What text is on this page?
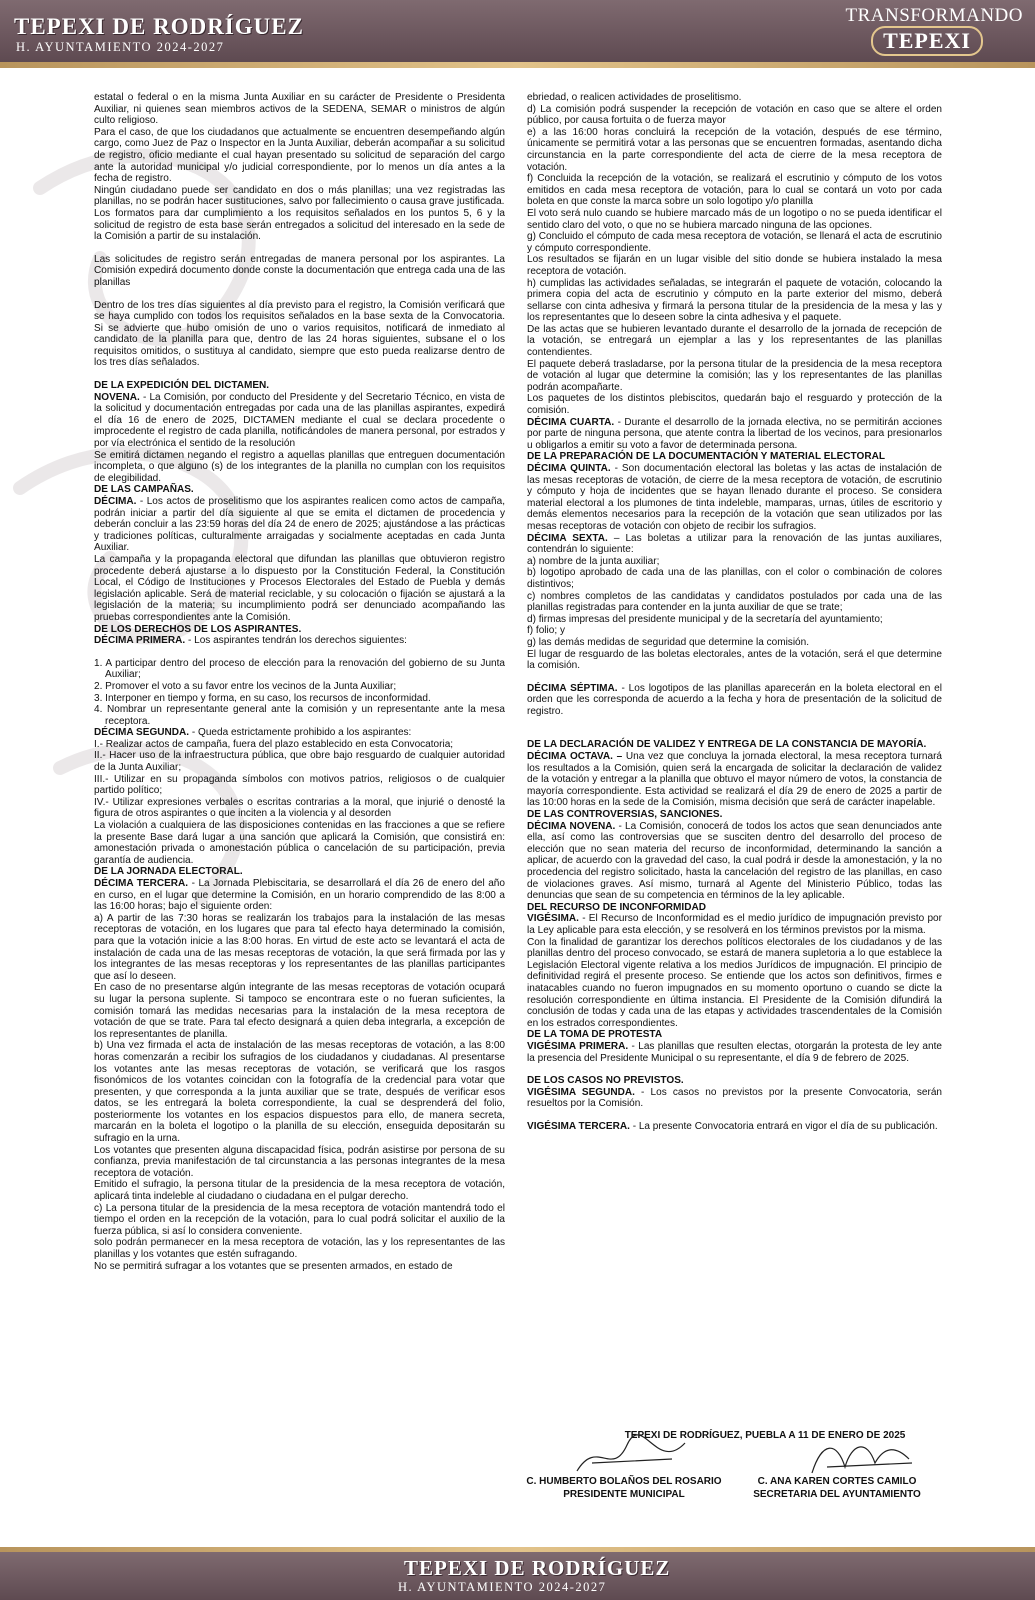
TEPEXI DE RODRÍGUEZ
H. AYUNTAMIENTO 2024-2027
TRANSFORMANDO
TEPEXI

estatal o federal o en la misma Junta Auxiliar en su carácter de Presidente o Presidenta Auxiliar, ni quienes sean miembros activos de la SEDENA, SEMAR o ministros de algún culto religioso.

Para el caso, de que los ciudadanos que actualmente se encuentren desempeñando algún cargo, como Juez de Paz o Inspector en la Junta Auxiliar, deberán acompañar a su solicitud de registro, oficio mediante el cual hayan presentado su solicitud de separación del cargo ante la autoridad municipal y/o judicial correspondiente, por lo menos un día antes a la fecha de registro.

Ningún ciudadano puede ser candidato en dos o más planillas; una vez registradas las planillas, no se podrán hacer sustituciones, salvo por fallecimiento o causa grave justificada.

Los formatos para dar cumplimiento a los requisitos señalados en los puntos 5, 6 y la solicitud de registro de esta base serán entregados a solicitud del interesado en la sede de la Comisión a partir de su instalación.

Las solicitudes de registro serán entregadas de manera personal por los aspirantes. La Comisión expedirá documento donde conste la documentación que entrega cada una de las planillas

Dentro de los tres días siguientes al día previsto para el registro, la Comisión verificará que se haya cumplido con todos los requisitos señalados en la base sexta de la Convocatoria. Si se advierte que hubo omisión de uno o varios requisitos, notificará de inmediato al candidato de la planilla para que, dentro de las 24 horas siguientes, subsane el o los requisitos omitidos, o sustituya al candidato, siempre que esto pueda realizarse dentro de los tres días señalados.

DE LA EXPEDICIÓN DEL DICTAMEN.

NOVENA. - La Comisión, por conducto del Presidente y del Secretario Técnico, en vista de la solicitud y documentación entregadas por cada una de las planillas aspirantes, expedirá el día 16 de enero de 2025, DICTAMEN mediante el cual se declara procedente o improcedente el registro de cada planilla, notificándoles de manera personal, por estrados y por vía electrónica el sentido de la resolución

Se emitirá dictamen negando el registro a aquellas planillas que entreguen documentación incompleta, o que alguno (s) de los integrantes de la planilla no cumplan con los requisitos de elegibilidad.

DE LAS CAMPAÑAS.

DÉCIMA. - Los actos de proselitismo que los aspirantes realicen como actos de campaña, podrán iniciar a partir del día siguiente al que se emita el dictamen de procedencia y deberán concluir a las 23:59 horas del día 24 de enero de 2025; ajustándose a las prácticas y tradiciones políticas, culturalmente arraigadas y socialmente aceptadas en cada Junta Auxiliar.

La campaña y la propaganda electoral que difundan las planillas que obtuvieron registro procedente deberá ajustarse a lo dispuesto por la Constitución Federal, la Constitución Local, el Código de Instituciones y Procesos Electorales del Estado de Puebla y demás legislación aplicable. Será de material reciclable, y su colocación o fijación se ajustará a la legislación de la materia; su incumplimiento podrá ser denunciado acompañando las pruebas correspondientes ante la Comisión.

DE LOS DERECHOS DE LOS ASPIRANTES.

DÉCIMA PRIMERA. - Los aspirantes tendrán los derechos siguientes:

1. A participar dentro del proceso de elección para la renovación del gobierno de su Junta Auxiliar;

2. Promover el voto a su favor entre los vecinos de la Junta Auxiliar;

3. Interponer en tiempo y forma, en su caso, los recursos de inconformidad.

4. Nombrar un representante general ante la comisión y un representante ante la mesa receptora.

DÉCIMA SEGUNDA. - Queda estrictamente prohibido a los aspirantes:

I.- Realizar actos de campaña, fuera del plazo establecido en esta Convocatoria;

II.- Hacer uso de la infraestructura pública, que obre bajo resguardo de cualquier autoridad de la Junta Auxiliar;

III.- Utilizar en su propaganda símbolos con motivos patrios, religiosos o de cualquier partido político;

IV.- Utilizar expresiones verbales o escritas contrarias a la moral, que injurié o denosté la figura de otros aspirantes o que inciten a la violencia y al desorden

La violación a cualquiera de las disposiciones contenidas en las fracciones a que se refiere la presente Base dará lugar a una sanción que aplicará la Comisión, que consistirá en: amonestación privada o amonestación pública o cancelación de su participación, previa garantía de audiencia.

DE LA JORNADA ELECTORAL.

DÉCIMA TERCERA. - La Jornada Plebiscitaria, se desarrollará el día 26 de enero del año en curso, en el lugar que determine la Comisión, en un horario comprendido de las 8:00 a las 16:00 horas; bajo el siguiente orden:

a) A partir de las 7:30 horas se realizarán los trabajos para la instalación de las mesas receptoras de votación, en los lugares que para tal efecto haya determinado la comisión, para que la votación inicie a las 8:00 horas. En virtud de este acto se levantará el acta de instalación de cada una de las mesas receptoras de votación, la que será firmada por las y los integrantes de las mesas receptoras y los representantes de las planillas participantes que así lo deseen.

En caso de no presentarse algún integrante de las mesas receptoras de votación ocupará su lugar la persona suplente. Si tampoco se encontrara este o no fueran suficientes, la comisión tomará las medidas necesarias para la instalación de la mesa receptora de votación de que se trate. Para tal efecto designará a quien deba integrarla, a excepción de los representantes de planilla.

b) Una vez firmada el acta de instalación de las mesas receptoras de votación, a las 8:00 horas comenzarán a recibir los sufragios de los ciudadanos y ciudadanas. Al presentarse los votantes ante las mesas receptoras de votación, se verificará que los rasgos fisonómicos de los votantes coincidan con la fotografía de la credencial para votar que presenten, y que corresponda a la junta auxiliar que se trate, después de verificar esos datos, se les entregará la boleta correspondiente, la cual se desprenderá del folio, posteriormente los votantes en los espacios dispuestos para ello, de manera secreta, marcarán en la boleta el logotipo o la planilla de su elección, enseguida depositarán su sufragio en la urna.

Los votantes que presenten alguna discapacidad física, podrán asistirse por persona de su confianza, previa manifestación de tal circunstancia a las personas integrantes de la mesa receptora de votación.

Emitido el sufragio, la persona titular de la presidencia de la mesa receptora de votación, aplicará tinta indeleble al ciudadano o ciudadana en el pulgar derecho.

c) La persona titular de la presidencia de la mesa receptora de votación mantendrá todo el tiempo el orden en la recepción de la votación, para lo cual podrá solicitar el auxilio de la fuerza pública, si así lo considera conveniente.

solo podrán permanecer en la mesa receptora de votación, las y los representantes de las planillas y los votantes que estén sufragando.

No se permitirá sufragar a los votantes que se presenten armados, en estado de

ebriedad, o realicen actividades de proselitismo.

d) La comisión podrá suspender la recepción de votación en caso que se altere el orden público, por causa fortuita o de fuerza mayor

e) a las 16:00 horas concluirá la recepción de la votación, después de ese término, únicamente se permitirá votar a las personas que se encuentren formadas, asentando dicha circunstancia en la parte correspondiente del acta de cierre de la mesa receptora de votación.

f) Concluida la recepción de la votación, se realizará el escrutinio y cómputo de los votos emitidos en cada mesa receptora de votación, para lo cual se contará un voto por cada boleta en que conste la marca sobre un solo logotipo y/o planilla

El voto será nulo cuando se hubiere marcado más de un logotipo o no se pueda identificar el sentido claro del voto, o que no se hubiera marcado ninguna de las opciones.

g) Concluido el cómputo de cada mesa receptora de votación, se llenará el acta de escrutinio y cómputo correspondiente.

Los resultados se fijarán en un lugar visible del sitio donde se hubiera instalado la mesa receptora de votación.

h) cumplidas las actividades señaladas, se integrarán el paquete de votación, colocando la primera copia del acta de escrutinio y cómputo en la parte exterior del mismo, deberá sellarse con cinta adhesiva y firmará la persona titular de la presidencia de la mesa y las y los representantes que lo deseen sobre la cinta adhesiva y el paquete.

De las actas que se hubieren levantado durante el desarrollo de la jornada de recepción de la votación, se entregará un ejemplar a las y los representantes de las planillas contendientes.

El paquete deberá trasladarse, por la persona titular de la presidencia de la mesa receptora de votación al lugar que determine la comisión; las y los representantes de las planillas podrán acompañarte.

Los paquetes de los distintos plebiscitos, quedarán bajo el resguardo y protección de la comisión.

DÉCIMA CUARTA. - Durante el desarrollo de la jornada electiva, no se permitirán acciones por parte de ninguna persona, que atente contra la libertad de los vecinos, para presionarlos u obligarlos a emitir su voto a favor de determinada persona.

DE LA PREPARACIÓN DE LA DOCUMENTACIÓN Y MATERIAL ELECTORAL

DÉCIMA QUINTA. - Son documentación electoral las boletas y las actas de instalación de las mesas receptoras de votación, de cierre de la mesa receptora de votación, de escrutinio y cómputo y hoja de incidentes que se hayan llenado durante el proceso. Se considera material electoral a los plumones de tinta indeleble, mamparas, urnas, útiles de escritorio y demás elementos necesarios para la recepción de la votación que sean utilizados por las mesas receptoras de votación con objeto de recibir los sufragios.

DÉCIMA SEXTA. – Las boletas a utilizar para la renovación de las juntas auxiliares, contendrán lo siguiente:

a) nombre de la junta auxiliar;

b) logotipo aprobado de cada una de las planillas, con el color o combinación de colores distintivos;

c) nombres completos de las candidatas y candidatos postulados por cada una de las planillas registradas para contender en la junta auxiliar de que se trate;

d) firmas impresas del presidente municipal y de la secretaría del ayuntamiento;

f) folio; y

g) las demás medidas de seguridad que determine la comisión.

El lugar de resguardo de las boletas electorales, antes de la votación, será el que determine la comisión.

DÉCIMA SÉPTIMA. - Los logotipos de las planillas aparecerán en la boleta electoral en el orden que les corresponda de acuerdo a la fecha y hora de presentación de la solicitud de registro.

DE LA DECLARACIÓN DE VALIDEZ Y ENTREGA DE LA CONSTANCIA DE MAYORÍA.

DÉCIMA OCTAVA. – Una vez que concluya la jornada electoral, la mesa receptora turnará los resultados a la Comisión, quien será la encargada de solicitar la declaración de validez de la votación y entregar a la planilla que obtuvo el mayor número de votos, la constancia de mayoría correspondiente. Esta actividad se realizará el día 29 de enero de 2025 a partir de las 10:00 horas en la sede de la Comisión, misma decisión que será de carácter inapelable.

DE LAS CONTROVERSIAS, SANCIONES.

DÉCIMA NOVENA. - La Comisión, conocerá de todos los actos que sean denunciados ante ella, así como las controversias que se susciten dentro del desarrollo del proceso de elección que no sean materia del recurso de inconformidad, determinando la sanción a aplicar, de acuerdo con la gravedad del caso, la cual podrá ir desde la amonestación, y la no procedencia del registro solicitado, hasta la cancelación del registro de las planillas, en caso de violaciones graves. Así mismo, turnará al Agente del Ministerio Público, todas las denuncias que sean de su competencia en términos de la ley aplicable.

DEL RECURSO DE INCONFORMIDAD

VIGÉSIMA. - El Recurso de Inconformidad es el medio jurídico de impugnación previsto por la Ley aplicable para esta elección, y se resolverá en los términos previstos por la misma.

Con la finalidad de garantizar los derechos políticos electorales de los ciudadanos y de las planillas dentro del proceso convocado, se estará de manera supletoria a lo que establece la Legislación Electoral vigente relativa a los medios Jurídicos de impugnación. El principio de definitividad regirá el presente proceso. Se entiende que los actos son definitivos, firmes e inatacables cuando no fueron impugnados en su momento oportuno o cuando se dicte la resolución correspondiente en última instancia. El Presidente de la Comisión difundirá la conclusión de todas y cada una de las etapas y actividades trascendentales de la Comisión en los estrados correspondientes.

DE LA TOMA DE PROTESTA

VIGÉSIMA PRIMERA. - Las planillas que resulten electas, otorgarán la protesta de ley ante la presencia del Presidente Municipal o su representante, el día 9 de febrero de 2025.

DE LOS CASOS NO PREVISTOS.

VIGÉSIMA SEGUNDA. - Los casos no previstos por la presente Convocatoria, serán resueltos por la Comisión.

VIGÉSIMA TERCERA. - La presente Convocatoria entrará en vigor el día de su publicación.

TEPEXI DE RODRÍGUEZ, PUEBLA A 11 DE ENERO DE 2025
C. HUMBERTO BOLAÑOS DEL ROSARIO
PRESIDENTE MUNICIPAL
C. ANA KAREN CORTES CAMILO
SECRETARIA DEL AYUNTAMIENTO
TEPEXI DE RODRÍGUEZ
H. AYUNTAMIENTO 2024-2027
